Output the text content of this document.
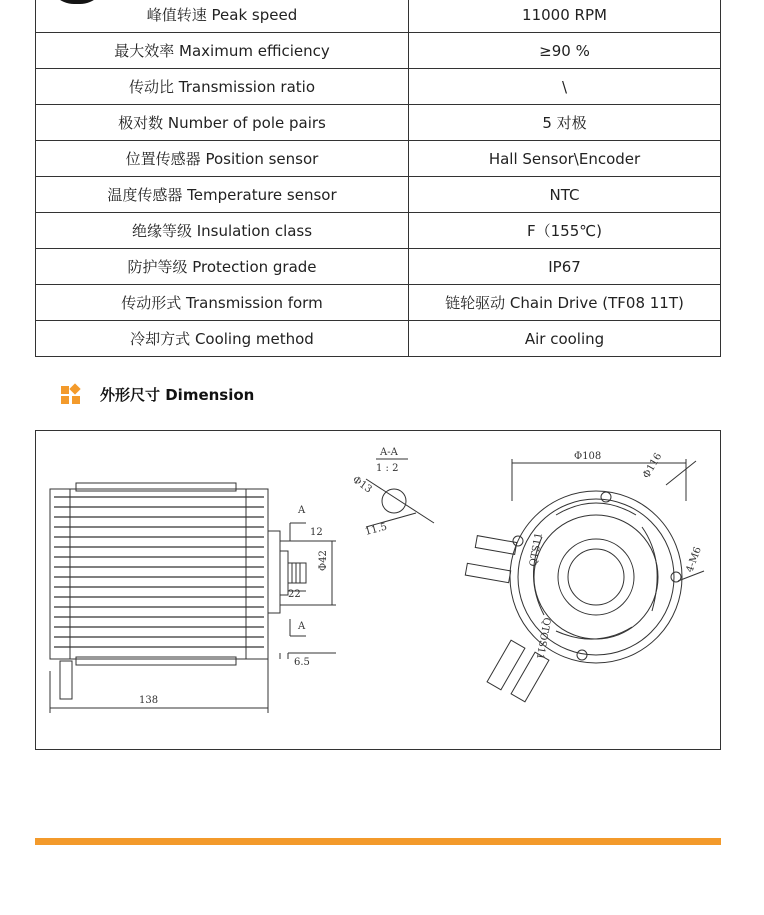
峰值转速 Peak speed	11000 RPM
最大效率 Maximum efficiency	≥90 %
传动比 Transmission ratio	\
极对数 Number of pole pairs	5 对极
位置传感器 Position sensor	Hall Sensor\Encoder
温度传感器 Temperature sensor	NTC
绝缘等级 Insulation class	F（155℃)
防护等级 Protection grade	IP67
传动形式 Transmission form	链轮驱动 Chain Drive (TF08 11T)
冷却方式 Cooling method	Air cooling
外形尺寸 Dimension
138
Φ42
12
22
6.5
A
A
A-A
1 : 2
Φ13
11.5
Φ108	Φ116
4-M6
QTS11
QTOS11
